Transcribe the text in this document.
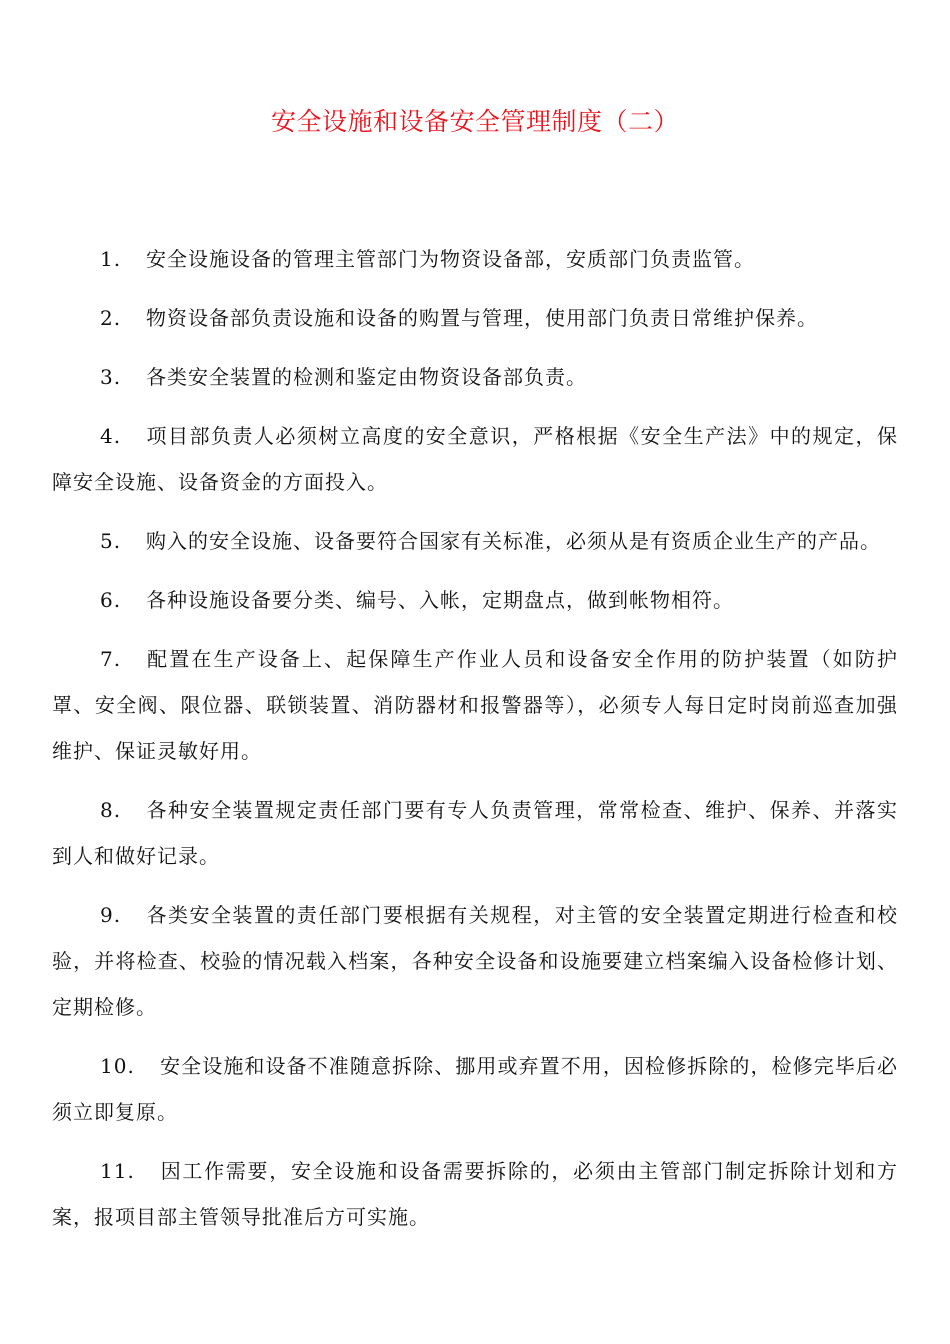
安全设施和设备安全管理制度（二）

1. 安全设施设备的管理主管部门为物资设备部，安质部门负责监管。

2. 物资设备部负责设施和设备的购置与管理，使用部门负责日常维护保养。

3. 各类安全装置的检测和鉴定由物资设备部负责。

4. 项目部负责人必须树立高度的安全意识，严格根据《安全生产法》中的规定，保障安全设施、设备资金的方面投入。

5. 购入的安全设施、设备要符合国家有关标准，必须从是有资质企业生产的产品。

6. 各种设施设备要分类、编号、入帐，定期盘点，做到帐物相符。

7. 配置在生产设备上、起保障生产作业人员和设备安全作用的防护装置（如防护罩、安全阀、限位器、联锁装置、消防器材和报警器等），必须专人每日定时岗前巡查加强维护、保证灵敏好用。

8. 各种安全装置规定责任部门要有专人负责管理，常常检查、维护、保养、并落实到人和做好记录。

9. 各类安全装置的责任部门要根据有关规程，对主管的安全装置定期进行检查和校验，并将检查、校验的情况载入档案，各种安全设备和设施要建立档案编入设备检修计划、定期检修。

10. 安全设施和设备不准随意拆除、挪用或弃置不用，因检修拆除的，检修完毕后必须立即复原。

11. 因工作需要，安全设施和设备需要拆除的，必须由主管部门制定拆除计划和方案，报项目部主管领导批准后方可实施。
